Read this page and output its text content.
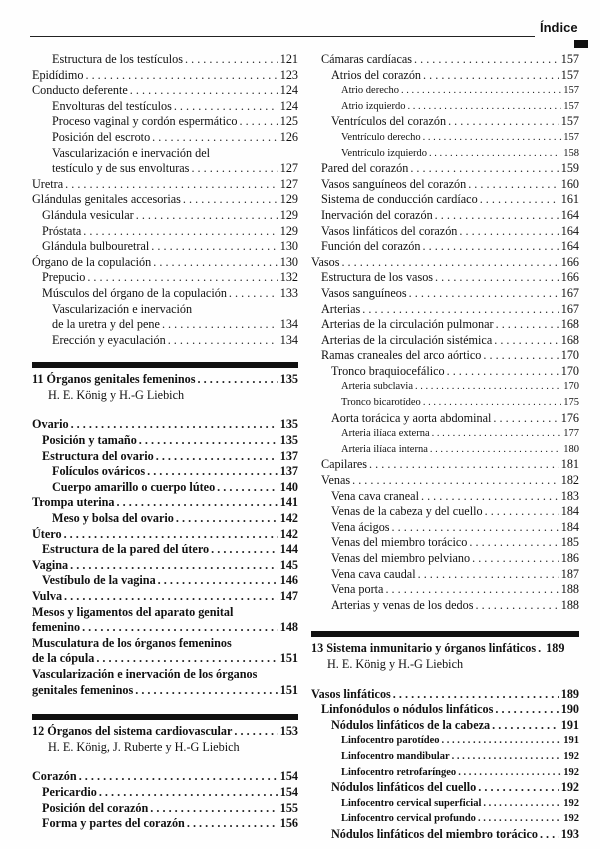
Índice
Estructura de los testículos . . .	121
Epidídimo . . .	123
Conducto deferente . . .	124
Envolturas del testículos . . .	124
Proceso vaginal y cordón espermático . . .	125
Posición del escroto . . .	126
Vascularización e inervación del
testículo y de sus envolturas . . .	127
Uretra . . .	127
Glándulas genitales accesorias . . .	129
Glándula vesicular . . .	129
Próstata . . .	129
Glándula bulbouretral . . .	130
Órgano de la copulación . . .	130
Prepucio . . .	132
Músculos del órgano de la copulación . . .	133
Vascularización e inervación
de la uretra y del pene . . .	134
Erección y eyaculación . . .	134
11 Órganos genitales femeninos . . .	135
H. E. König y H.-G Liebich
Ovario . . .	135
Posición y tamaño . . .	135
Estructura del ovario . . .	137
Folículos ováricos . . .	137
Cuerpo amarillo o cuerpo lúteo . . .	140
Trompa uterina . . .	141
Meso y bolsa del ovario . . .	142
Útero . . .	142
Estructura de la pared del útero . . .	144
Vagina . . .	145
Vestíbulo de la vagina . . .	146
Vulva . . .	147
Mesos y ligamentos del aparato genital
femenino . . .	148
Musculatura de los órganos femeninos
de la cópula . . .	151
Vascularización e inervación de los órganos
genitales femeninos . . .	151
12 Órganos del sistema cardiovascular . . .	153
H. E. König, J. Ruberte y H.-G Liebich
Corazón . . .	154
Pericardio . . .	154
Posición del corazón . . .	155
Forma y partes del corazón . . .	156
Cámaras cardíacas . . .	157
Atrios del corazón . . .	157
Atrio derecho . . .	157
Atrio izquierdo . . .	157
Ventrículos del corazón . . .	157
Ventrículo derecho . . .	157
Ventrículo izquierdo . . .	158
Pared del corazón . . .	159
Vasos sanguíneos del corazón . . .	160
Sistema de conducción cardíaco . . .	161
Inervación del corazón . . .	164
Vasos linfáticos del corazón . . .	164
Función del corazón . . .	164
Vasos . . .	166
Estructura de los vasos . . .	166
Vasos sanguíneos . . .	167
Arterias . . .	167
Arterias de la circulación pulmonar . . .	168
Arterias de la circulación sistémica . . .	168
Ramas craneales del arco aórtico . . .	170
Tronco braquiocefálico . . .	170
Arteria subclavia . . .	170
Tronco bicarotídeo . . .	175
Aorta torácica y aorta abdominal . . .	176
Arteria ilíaca externa . . .	177
Arteria ilíaca interna . . .	180
Capilares . . .	181
Venas . . .	182
Vena cava craneal . . .	183
Venas de la cabeza y del cuello . . .	184
Vena ácigos . . .	184
Venas del miembro torácico . . .	185
Venas del miembro pelviano . . .	186
Vena cava caudal . . .	187
Vena porta . . .	188
Arterias y venas de los dedos . . .	188
13 Sistema inmunitario y órganos linfáticos . . . 189
H. E. König y H.-G Liebich
Vasos linfáticos . . .	189
Linfonódulos o nódulos linfáticos . . .	190
Nódulos linfáticos de la cabeza . . .	191
Linfocentro parotídeo . . .	191
Linfocentro mandibular . . .	192
Linfocentro retrofaríngeo . . .	192
Nódulos linfáticos del cuello . . .	192
Linfocentro cervical superficial . . .	192
Linfocentro cervical profundo . . .	192
Nódulos linfáticos del miembro torácico . . . 193
